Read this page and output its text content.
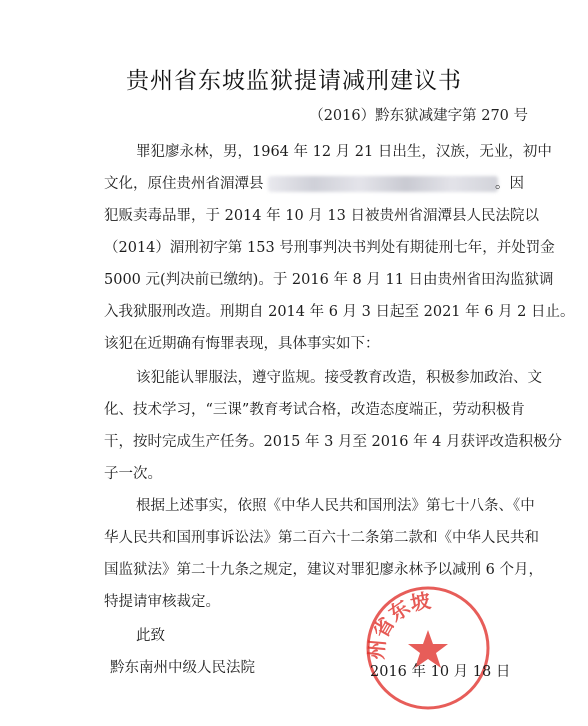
贵州省东坡监狱提请减刑建议书
（2016）黔东狱减建字第 270 号
罪犯廖永林，男，1964 年 12 月 21 日出生，汉族，无业，初中
文化，原住贵州省湄潭县	。因
犯贩卖毒品罪，于 2014 年 10 月 13 日被贵州省湄潭县人民法院以
（2014）湄刑初字第 153 号刑事判决书判处有期徒刑七年，并处罚金
5000 元(判决前已缴纳)。于 2016 年 8 月 11 日由贵州省田沟监狱调
入我狱服刑改造。刑期自 2014 年 6 月 3 日起至 2021 年 6 月 2 日止。
该犯在近期确有悔罪表现，具体事实如下：
该犯能认罪服法，遵守监规。接受教育改造，积极参加政治、文
化、技术学习，“三课”教育考试合格，改造态度端正，劳动积极肯
干，按时完成生产任务。2015 年 3 月至 2016 年 4 月获评改造积极分
子一次。
根据上述事实，依照《中华人民共和国刑法》第七十八条、《中
华人民共和国刑事诉讼法》第二百六十二条第二款和《中华人民共和
国监狱法》第二十九条之规定，建议对罪犯廖永林予以减刑 6 个月，
特提请审核裁定。
此致
黔东南州中级人民法院
州省东坡
2016 年 10 月 18 日
